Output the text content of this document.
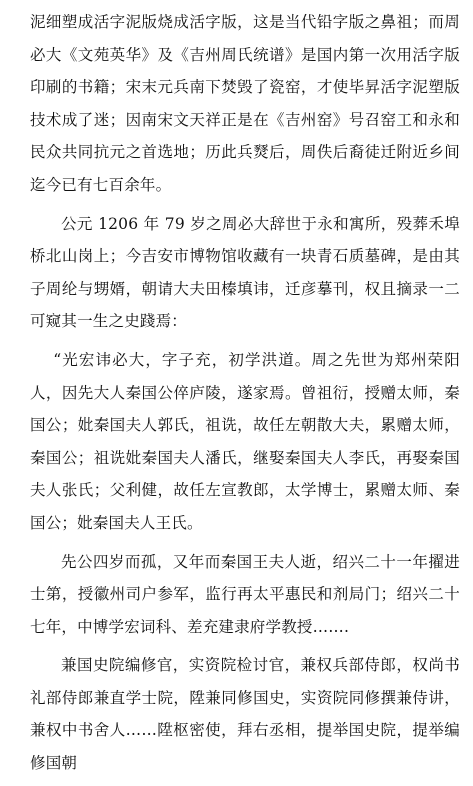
泥细塑成活字泥版烧成活字版，这是当代铅字版之鼻祖；而周必大《文苑英华》及《吉州周氏统谱》是国内第一次用活字版印刷的书籍；宋末元兵南下焚毁了瓷窑，才使毕昇活字泥塑版技术成了迷；因南宋文天祥正是在《吉州窑》号召窑工和永和民众共同抗元之首选地；历此兵燹后，周佚后裔徒迁附近乡间迄今已有七百余年。

公元 1206 年 79 岁之周必大辞世于永和寓所，殁葬禾埠桥北山岗上；今吉安市博物馆收藏有一块青石质墓碑，是由其子周纶与甥婿，朝请大夫田榛填讳，迁彦摹刊，权且摘录一二可窥其一生之史踐焉：

“光宏讳必大，字子充，初学洪道。周之先世为郑州荣阳人，因先大人秦国公倅庐陵，遂家焉。曾祖衍，授赠太师，秦国公；妣秦国夫人郭氏，祖诜，故任左朝散大夫，累赠太师，秦国公；祖诜妣秦国夫人潘氏，继娶秦国夫人李氏，再娶秦国夫人张氏；父利健，故任左宣教郎，太学博士，累赠太师、秦国公；妣秦国夫人王氏。

先公四岁而孤，又年而秦国王夫人逝，绍兴二十一年擢进士第，授徽州司户参军，监行再太平惠民和剂局门；绍兴二十七年，中博学宏词科、差充建隶府学教授…….

兼国史院编修官，实资院检讨官，兼权兵部侍郎，权尚书礼部侍郎兼直学士院，陞兼同修国史，实资院同修撰兼侍讲，兼权中书舍人……陞枢密使，拜右丞相，提举国史院，提举编修国朝
